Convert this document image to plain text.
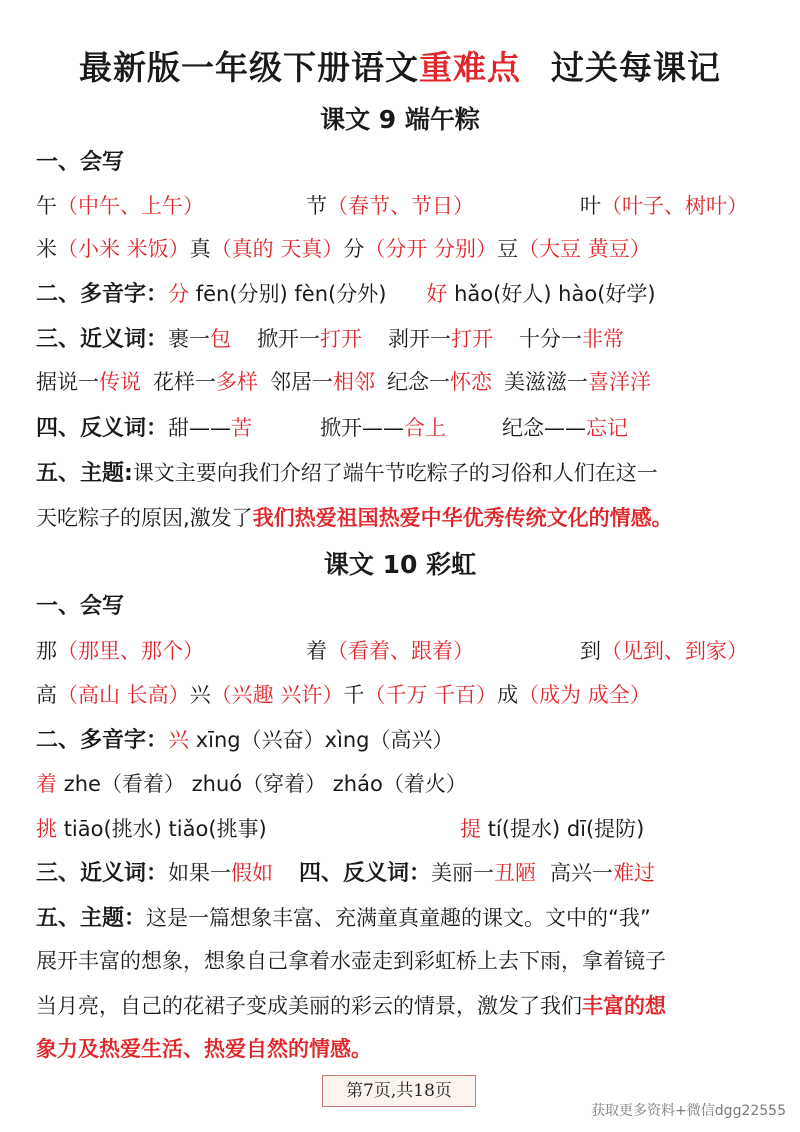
最新版一年级下册语文重难点 过关每课记
课文 9 端午粽
一、会写
午（中午、上午）	节（春节、节日）	叶（叶子、树叶）
米（小米 米饭）真（真的 天真）分（分开 分别）豆（大豆 黄豆）
二、多音字：分 fēn(分别) fèn(分外) 好 hǎo(好人) hào(好学)
三、近义词：裹一包 掀开一打开 剥开一打开 十分一非常
据说一传说 花样一多样 邻居一相邻 纪念一怀恋 美滋滋一喜洋洋
四、反义词：甜——苦	掀开——合上	纪念——忘记
五、主题:课文主要向我们介绍了端午节吃粽子的习俗和人们在这一
天吃粽子的原因,激发了我们热爱祖国热爱中华优秀传统文化的情感。
课文 10 彩虹
一、会写
那（那里、那个）	着（看着、跟着）	到（见到、到家）
高（高山 长高）兴（兴趣 兴许）千（千万 千百）成（成为 成全）
二、多音字：兴 xīng（兴奋）xìng（高兴）
着 zhe（看着） zhuó（穿着） zháo（着火）
挑 tiāo(挑水) tiǎo(挑事)	提 tí(提水) dī(提防)
三、近义词：如果一假如 四、反义词：美丽一丑陋 高兴一难过
五、主题：这是一篇想象丰富、充满童真童趣的课文。文中的“我”
展开丰富的想象，想象自己拿着水壶走到彩虹桥上去下雨，拿着镜子
当月亮，自己的花裙子变成美丽的彩云的情景，激发了我们丰富的想
象力及热爱生活、热爱自然的情感。
第7页,共18页
获取更多资料+微信dgg22555
